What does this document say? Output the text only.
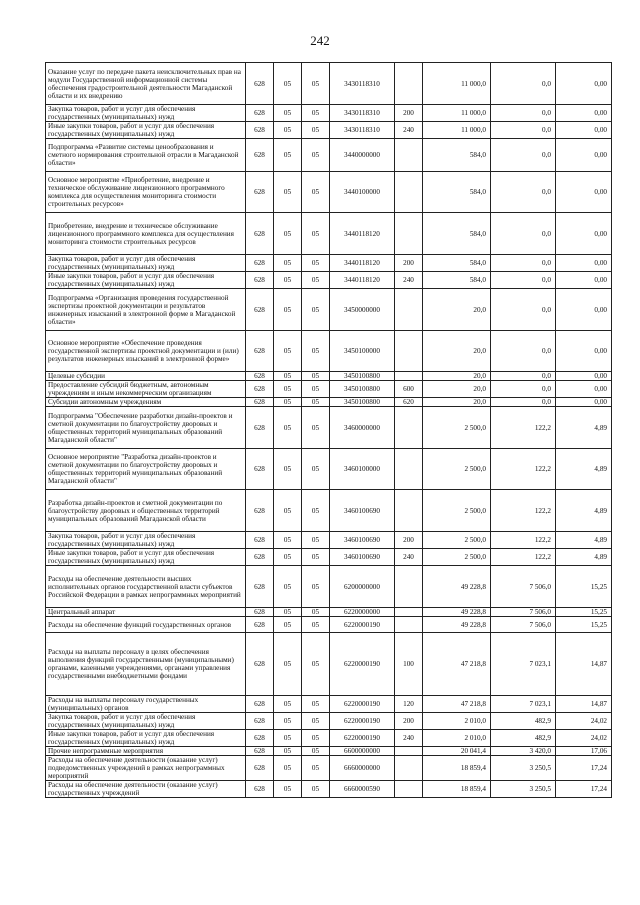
242
Оказание услуг по передаче пакета неисключительных прав на модули Государственной информационной системы обеспечения градостроительной деятельности Магаданской области и их внедрению	628	05	05	3430118310		11 000,0	0,0	0,00
Закупка товаров, работ и услуг для обеспечения государственных (муниципальных) нужд	628	05	05	3430118310	200	11 000,0	0,0	0,00
Иные закупки товаров, работ и услуг для обеспечения государственных (муниципальных) нужд	628	05	05	3430118310	240	11 000,0	0,0	0,00
Подпрограмма «Развитие системы ценообразования и сметного нормирования строительной отрасли в Магаданской области»	628	05	05	3440000000		584,0	0,0	0,00
Основное мероприятие «Приобретение, внедрение и техническое обслуживание лицензионного программного комплекса для осуществления мониторинга стоимости строительных ресурсов»	628	05	05	3440100000		584,0	0,0	0,00
Приобретение, внедрение и техническое обслуживание лицензионного программного комплекса для осуществления мониторинга стоимости строительных ресурсов	628	05	05	3440118120		584,0	0,0	0,00
Закупка товаров, работ и услуг для обеспечения государственных (муниципальных) нужд	628	05	05	3440118120	200	584,0	0,0	0,00
Иные закупки товаров, работ и услуг для обеспечения государственных (муниципальных) нужд	628	05	05	3440118120	240	584,0	0,0	0,00
Подпрограмма «Организация проведения государственной экспертизы проектной документации и результатов инженерных изысканий в электронной форме в Магаданской области»	628	05	05	3450000000		20,0	0,0	0,00
Основное мероприятие «Обеспечение проведения государственной экспертизы проектной документации и (или) результатов инженерных изысканий в электронной форме»	628	05	05	3450100000		20,0	0,0	0,00
Целевые субсидии	628	05	05	3450100800		20,0	0,0	0,00
Предоставление субсидий бюджетным, автономным учреждениям и иным некоммерческим организациям	628	05	05	3450100800	600	20,0	0,0	0,00
Субсидии автономным учреждениям	628	05	05	3450100800	620	20,0	0,0	0,00
Подпрограмма "Обеспечение разработки дизайн-проектов и сметной документации по благоустройству дворовых и общественных территорий муниципальных образований Магаданской области"	628	05	05	3460000000		2 500,0	122,2	4,89
Основное мероприятие "Разработка дизайн-проектов и сметной документации по благоустройству дворовых и общественных территорий муниципальных образований Магаданской области"	628	05	05	3460100000		2 500,0	122,2	4,89
Разработка дизайн-проектов и сметной документации по благоустройству дворовых и общественных территорий муниципальных образований Магаданской области	628	05	05	3460100690		2 500,0	122,2	4,89
Закупка товаров, работ и услуг для обеспечения государственных (муниципальных) нужд	628	05	05	3460100690	200	2 500,0	122,2	4,89
Иные закупки товаров, работ и услуг для обеспечения государственных (муниципальных) нужд	628	05	05	3460100690	240	2 500,0	122,2	4,89
Расходы на обеспечение деятельности высших исполнительных органов государственной власти субъектов Российской Федерации в рамках непрограммных мероприятий	628	05	05	6200000000		49 228,8	7 506,0	15,25
Центральный аппарат	628	05	05	6220000000		49 228,8	7 506,0	15,25
Расходы на обеспечение функций государственных органов	628	05	05	6220000190		49 228,8	7 506,0	15,25
Расходы на выплаты персоналу в целях обеспечения выполнения функций государственными (муниципальными) органами, казенными учреждениями, органами управления государственными внебюджетными фондами	628	05	05	6220000190	100	47 218,8	7 023,1	14,87
Расходы на выплаты персоналу государственных (муниципальных) органов	628	05	05	6220000190	120	47 218,8	7 023,1	14,87
Закупка товаров, работ и услуг для обеспечения государственных (муниципальных) нужд	628	05	05	6220000190	200	2 010,0	482,9	24,02
Иные закупки товаров, работ и услуг для обеспечения государственных (муниципальных) нужд	628	05	05	6220000190	240	2 010,0	482,9	24,02
Прочие непрограммные мероприятия	628	05	05	6600000000		20 041,4	3 420,0	17,06
Расходы на обеспечение деятельности (оказание услуг) подведомственных учреждений в рамках непрограммных мероприятий	628	05	05	6660000000		18 859,4	3 250,5	17,24
Расходы на обеспечение деятельности (оказание услуг) государственных учреждений	628	05	05	6660000590		18 859,4	3 250,5	17,24
